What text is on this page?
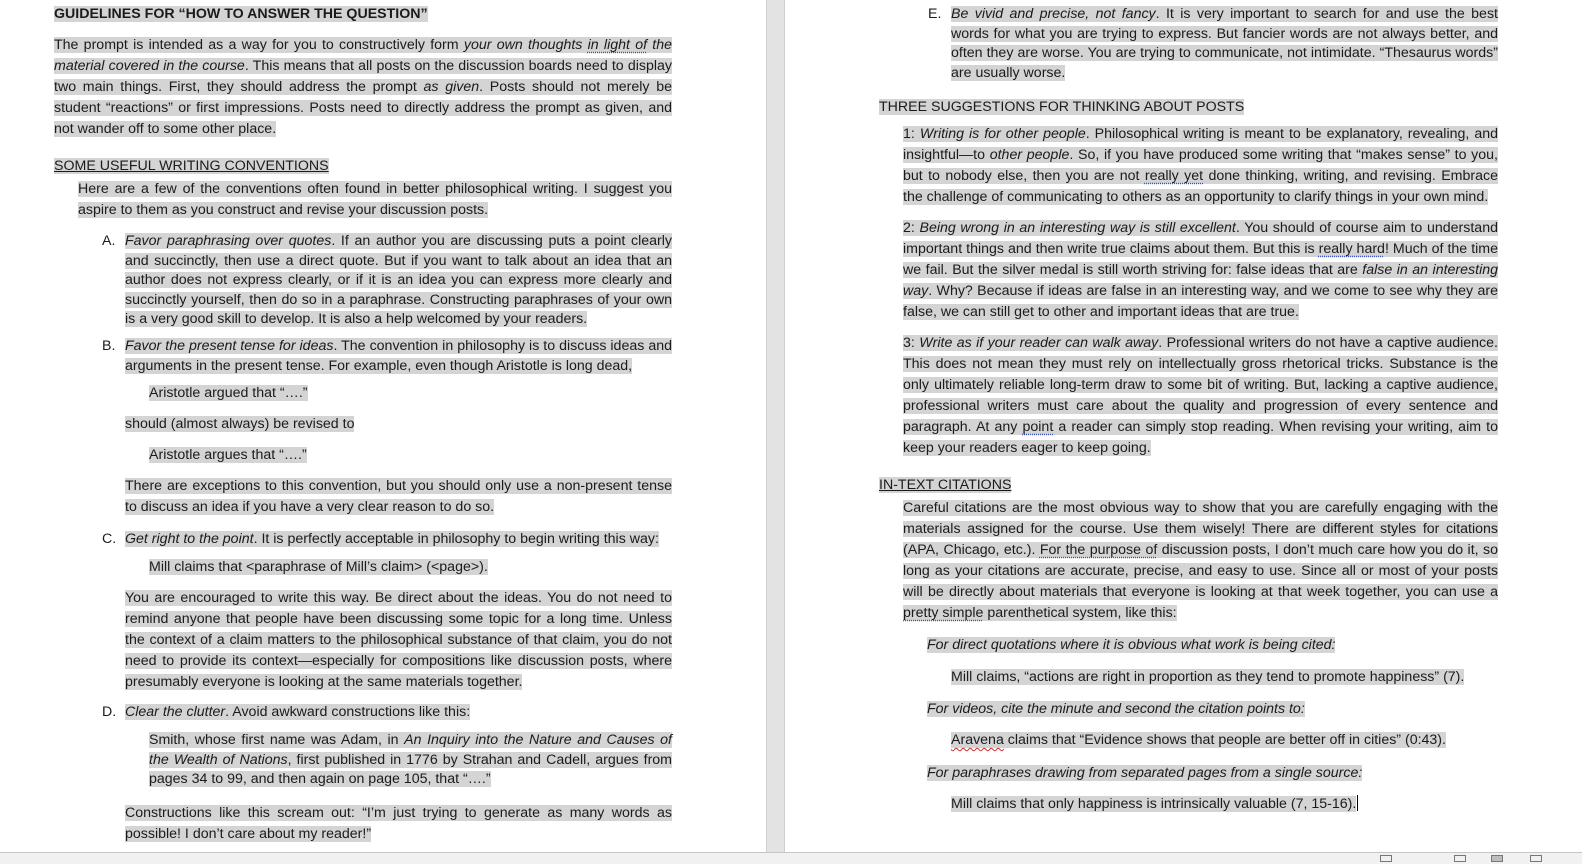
GUIDELINES FOR “HOW TO ANSWER THE QUESTION”
The prompt is intended as a way for you to constructively form your own thoughts in light of the material covered in the course. This means that all posts on the discussion boards need to display two main things. First, they should address the prompt as given. Posts should not merely be student “reactions” or first impressions. Posts need to directly address the prompt as given, and not wander off to some other place.
SOME USEFUL WRITING CONVENTIONS
Here are a few of the conventions often found in better philosophical writing. I suggest you aspire to them as you construct and revise your discussion posts.
A. Favor paraphrasing over quotes. If an author you are discussing puts a point clearly and succinctly, then use a direct quote. But if you want to talk about an idea that an author does not express clearly, or if it is an idea you can express more clearly and succinctly yourself, then do so in a paraphrase. Constructing paraphrases of your own is a very good skill to develop. It is also a help welcomed by your readers.
B. Favor the present tense for ideas. The convention in philosophy is to discuss ideas and arguments in the present tense. For example, even though Aristotle is long dead,
Aristotle argued that “….”
should (almost always) be revised to
Aristotle argues that “….”
There are exceptions to this convention, but you should only use a non-present tense to discuss an idea if you have a very clear reason to do so.
C. Get right to the point. It is perfectly acceptable in philosophy to begin writing this way:
Mill claims that <paraphrase of Mill’s claim> (<page>).
You are encouraged to write this way. Be direct about the ideas. You do not need to remind anyone that people have been discussing some topic for a long time. Unless the context of a claim matters to the philosophical substance of that claim, you do not need to provide its context—especially for compositions like discussion posts, where presumably everyone is looking at the same materials together.
D. Clear the clutter. Avoid awkward constructions like this:
Smith, whose first name was Adam, in An Inquiry into the Nature and Causes of the Wealth of Nations, first published in 1776 by Strahan and Cadell, argues from pages 34 to 99, and then again on page 105, that “….”
Constructions like this scream out: “I’m just trying to generate as many words as possible! I don’t care about my reader!”
E. Be vivid and precise, not fancy. It is very important to search for and use the best words for what you are trying to express. But fancier words are not always better, and often they are worse. You are trying to communicate, not intimidate. “Thesaurus words” are usually worse.
THREE SUGGESTIONS FOR THINKING ABOUT POSTS
1: Writing is for other people. Philosophical writing is meant to be explanatory, revealing, and insightful—to other people. So, if you have produced some writing that “makes sense” to you, but to nobody else, then you are not really yet done thinking, writing, and revising. Embrace the challenge of communicating to others as an opportunity to clarify things in your own mind.
2: Being wrong in an interesting way is still excellent. You should of course aim to understand important things and then write true claims about them. But this is really hard! Much of the time we fail. But the silver medal is still worth striving for: false ideas that are false in an interesting way. Why? Because if ideas are false in an interesting way, and we come to see why they are false, we can still get to other and important ideas that are true.
3: Write as if your reader can walk away. Professional writers do not have a captive audience. This does not mean they must rely on intellectually gross rhetorical tricks. Substance is the only ultimately reliable long-term draw to some bit of writing. But, lacking a captive audience, professional writers must care about the quality and progression of every sentence and paragraph. At any point a reader can simply stop reading. When revising your writing, aim to keep your readers eager to keep going.
IN-TEXT CITATIONS
Careful citations are the most obvious way to show that you are carefully engaging with the materials assigned for the course. Use them wisely! There are different styles for citations (APA, Chicago, etc.). For the purpose of discussion posts, I don’t much care how you do it, so long as your citations are accurate, precise, and easy to use. Since all or most of your posts will be directly about materials that everyone is looking at that week together, you can use a pretty simple parenthetical system, like this:
For direct quotations where it is obvious what work is being cited:
Mill claims, “actions are right in proportion as they tend to promote happiness” (7).
For videos, cite the minute and second the citation points to:
Aravena claims that “Evidence shows that people are better off in cities” (0:43).
For paraphrases drawing from separated pages from a single source:
Mill claims that only happiness is intrinsically valuable (7, 15-16).
